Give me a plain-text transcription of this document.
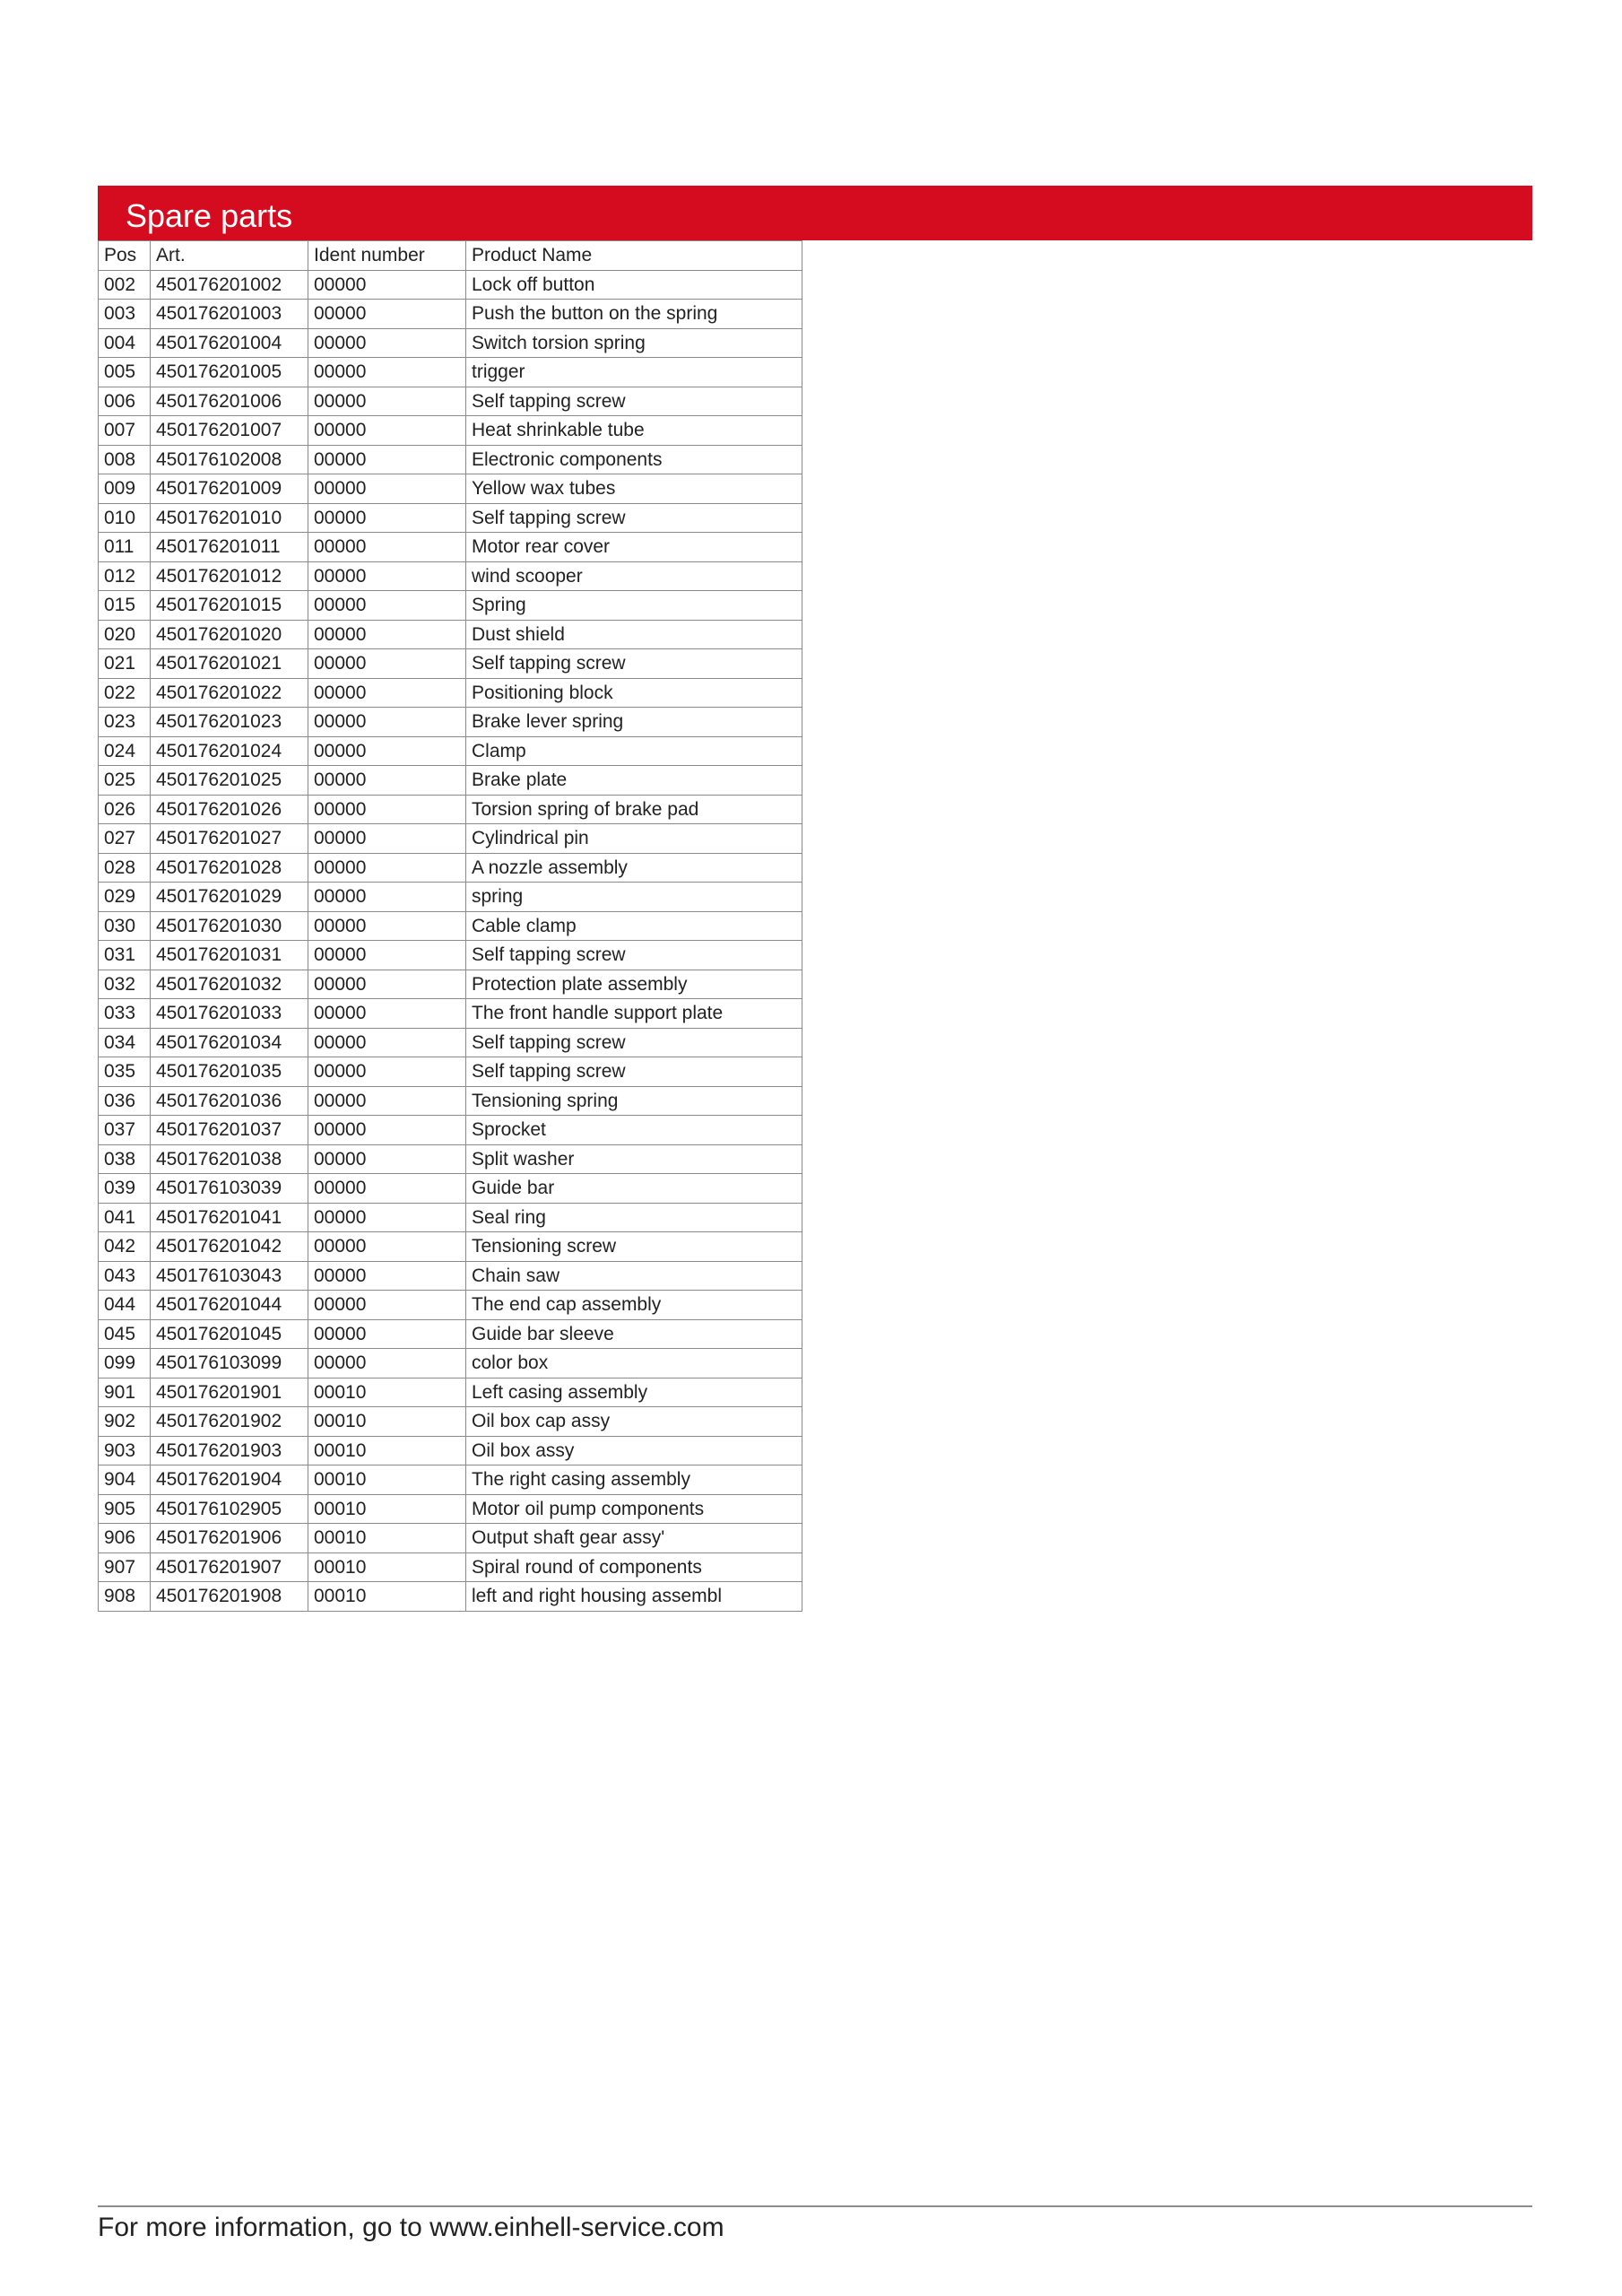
Spare parts
Pos	Art.	Ident number	Product Name
002	450176201002	00000	Lock off button
003	450176201003	00000	Push the button on the spring
004	450176201004	00000	Switch torsion spring
005	450176201005	00000	trigger
006	450176201006	00000	Self tapping screw
007	450176201007	00000	Heat shrinkable tube
008	450176102008	00000	Electronic components
009	450176201009	00000	Yellow wax tubes
010	450176201010	00000	Self tapping screw
011	450176201011	00000	Motor rear cover
012	450176201012	00000	wind scooper
015	450176201015	00000	Spring
020	450176201020	00000	Dust shield
021	450176201021	00000	Self tapping screw
022	450176201022	00000	Positioning block
023	450176201023	00000	Brake lever spring
024	450176201024	00000	Clamp
025	450176201025	00000	Brake plate
026	450176201026	00000	Torsion spring of brake pad
027	450176201027	00000	Cylindrical pin
028	450176201028	00000	A nozzle assembly
029	450176201029	00000	spring
030	450176201030	00000	Cable clamp
031	450176201031	00000	Self tapping screw
032	450176201032	00000	Protection plate assembly
033	450176201033	00000	The front handle support plate
034	450176201034	00000	Self tapping screw
035	450176201035	00000	Self tapping screw
036	450176201036	00000	Tensioning spring
037	450176201037	00000	Sprocket
038	450176201038	00000	Split washer
039	450176103039	00000	Guide bar
041	450176201041	00000	Seal ring
042	450176201042	00000	Tensioning screw
043	450176103043	00000	Chain saw
044	450176201044	00000	The end cap assembly
045	450176201045	00000	Guide bar sleeve
099	450176103099	00000	color box
901	450176201901	00010	Left casing assembly
902	450176201902	00010	Oil box cap assy
903	450176201903	00010	Oil box assy
904	450176201904	00010	The right casing assembly
905	450176102905	00010	Motor oil pump components
906	450176201906	00010	Output shaft gear assy'
907	450176201907	00010	Spiral round of components
908	450176201908	00010	left and right housing assembl
For more information, go to www.einhell-service.com
